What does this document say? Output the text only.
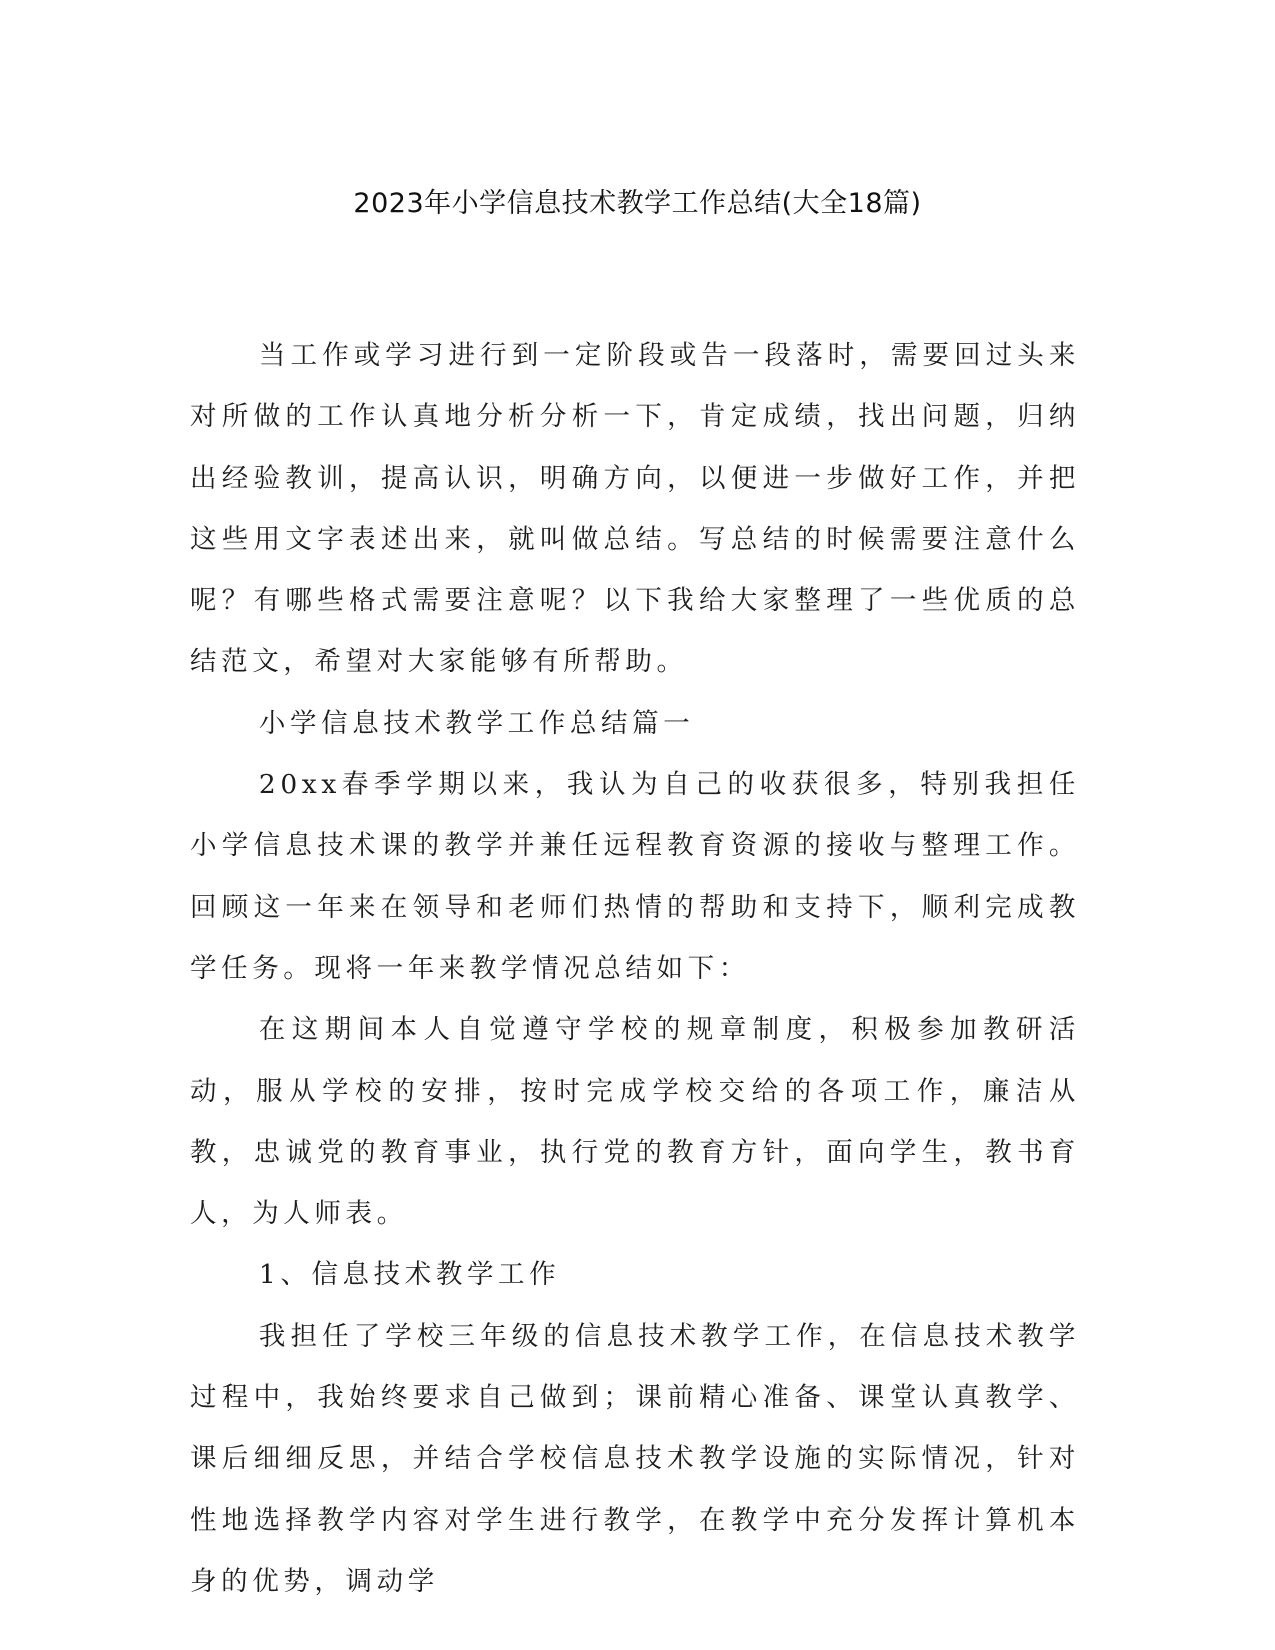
2023年小学信息技术教学工作总结(大全18篇)

当工作或学习进行到一定阶段或告一段落时，需要回过头来对所做的工作认真地分析分析一下，肯定成绩，找出问题，归纳出经验教训，提高认识，明确方向，以便进一步做好工作，并把这些用文字表述出来，就叫做总结。写总结的时候需要注意什么呢？有哪些格式需要注意呢？以下我给大家整理了一些优质的总结范文，希望对大家能够有所帮助。

小学信息技术教学工作总结篇一

20xx春季学期以来，我认为自己的收获很多，特别我担任小学信息技术课的教学并兼任远程教育资源的接收与整理工作。回顾这一年来在领导和老师们热情的帮助和支持下，顺利完成教学任务。现将一年来教学情况总结如下：

在这期间本人自觉遵守学校的规章制度，积极参加教研活动，服从学校的安排，按时完成学校交给的各项工作，廉洁从教，忠诚党的教育事业，执行党的教育方针，面向学生，教书育人，为人师表。

1、信息技术教学工作

我担任了学校三年级的信息技术教学工作，在信息技术教学过程中，我始终要求自己做到；课前精心准备、课堂认真教学、课后细细反思，并结合学校信息技术教学设施的实际情况，针对性地选择教学内容对学生进行教学，在教学中充分发挥计算机本身的优势，调动学
